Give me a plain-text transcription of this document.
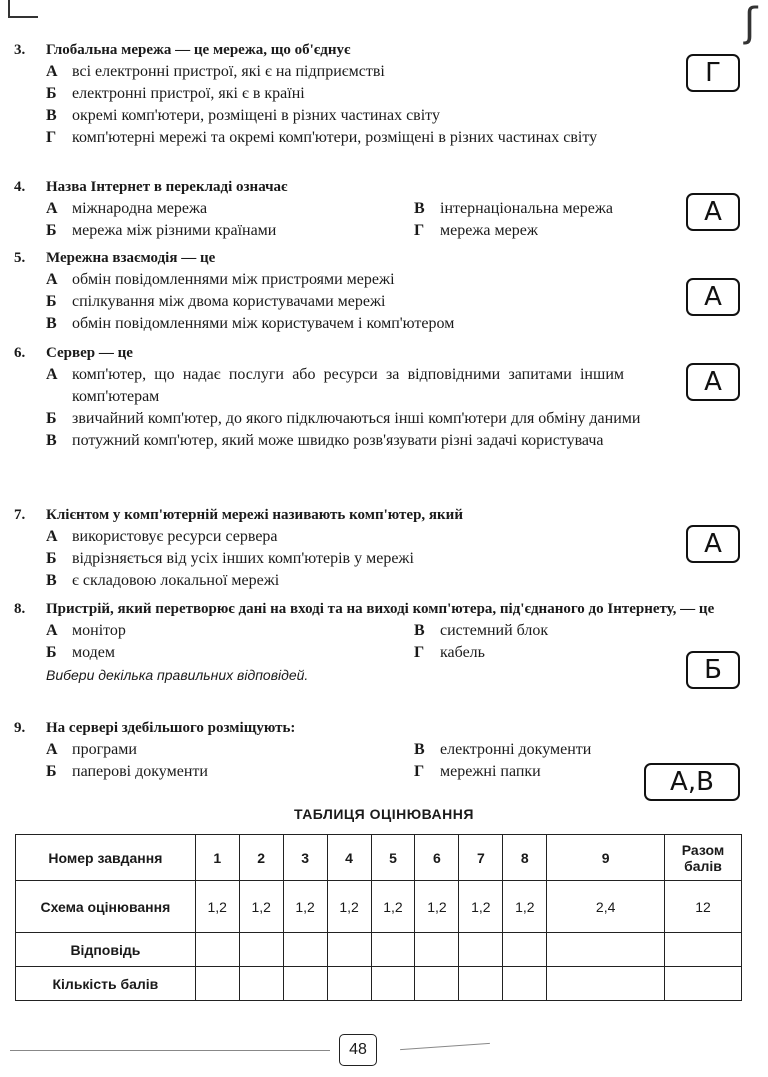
ʃ
3. Глобальна мережа — це мережа, що об'єднує
А всі електронні пристрої, які є на підприємстві
Б електронні пристрої, які є в країні
В окремі комп'ютери, розміщені в різних частинах світу
Г комп'ютерні мережі та окремі комп'ютери, розміщені в різних частинах світу
Г
4. Назва Інтернет в перекладі означає
А міжнародна мережа	В інтернаціональна мережа
Б мережа між різними країнами	Г мережа мереж
А
5. Мережна взаємодія — це
А обмін повідомленнями між пристроями мережі
Б спілкування між двома користувачами мережі
В обмін повідомленнями між користувачем і комп'ютером
А
6. Сервер — це
А комп'ютер, що надає послуги або ресурси за відповідними запитами іншим комп'ютерам
Б звичайний комп'ютер, до якого підключаються інші комп'ютери для обміну даними
В потужний комп'ютер, який може швидко розв'язувати різні задачі користувача
А
7. Клієнтом у комп'ютерній мережі називають комп'ютер, який
А використовує ресурси сервера
Б відрізняється від усіх інших комп'ютерів у мережі
В є складовою локальної мережі
А
8. Пристрій, який перетворює дані на вході та на виході комп'ютера, під'єднаного до Інтернету, — це
А монітор	В системний блок
Б модем	Г кабель
Вибери декілька правильних відповідей.	Б
9. На сервері здебільшого розміщують:
А програми	В електронні документи
Б паперові документи	Г мережні папки	А,В
ТАБЛИЦЯ ОЦІНЮВАННЯ
Номер завдання	1	2	3	4	5	6	7	8	9	Разом балів
Схема оцінювання	1,2	1,2	1,2	1,2	1,2	1,2	1,2	1,2	2,4	12
Відповідь										
Кількість балів										
48
